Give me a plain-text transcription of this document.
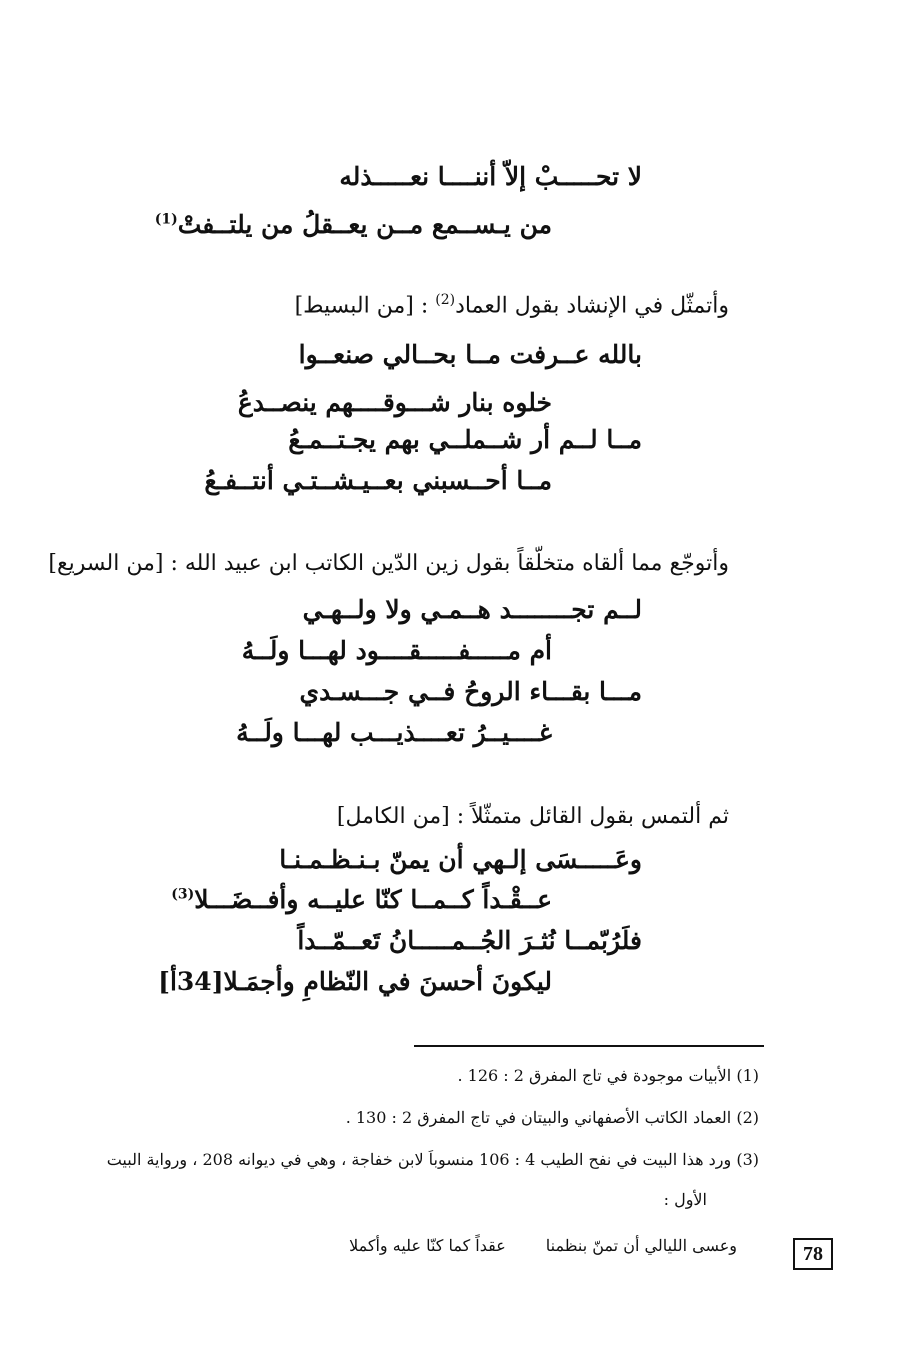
لا تحـــــبْ إلاّ أننــــا نعـــــذله
من يـســمع مــن يعــقلُ من يلتــفتْ$^{(1)}$
وأتمثّل في الإنشاد بقول العماد$^{(2)}$ : [من البسيط]
بالله عــرفت مــا بحــالي صنعــوا
خلوه بنار شـــوقــــهم ينصــدعُ
مــا لــم أر شــملــي بهم يجـتــمـعُ
مــا أحــسبني بعــيـشــتـي أنتــفـعُ
وأتوجّع مما ألقاه متخلّقاً بقول زين الدّين الكاتب ابن عبيد الله : [من السريع]
لــم تجــــــــد هــمـي ولا ولــهـي
أم مـــــفـــــقــــود لهـــا ولَــهُ
مـــا بقـــاء الروحُ فــي جـــسـدي
غــــيــرُ تعــــذيـــب لهـــا ولَــهُ
ثم ألتمس بقول القائل متمثّلاً : [من الكامل]
وعَـــــسَى إلـهي أن يمنّ بـنـظـمـنـا
عــقْـداً كــمــا كنّا عليــه وأفــضَـــلا$^{(3)}$
فلَرُبّمــا نُثـرَ الجُــمـــــانُ تَعــمّــداً
ليكونَ أحسنَ في النّظامِ وأجمَـلا[34أ]
(1) الأبيات موجودة في تاج المفرق 2 : 126 .
(2) العماد الكاتب الأصفهاني والبيتان في تاج المفرق 2 : 130 .
(3) ورد هذا البيت في نفح الطيب 4 : 106 منسوباً لابن خفاجة ، وهي في ديوانه 208 ، ورواية البيت
الأول :
وعسى الليالي أن تمنّ بنظمناعقداً كما كنّا عليه وأكملا	78
